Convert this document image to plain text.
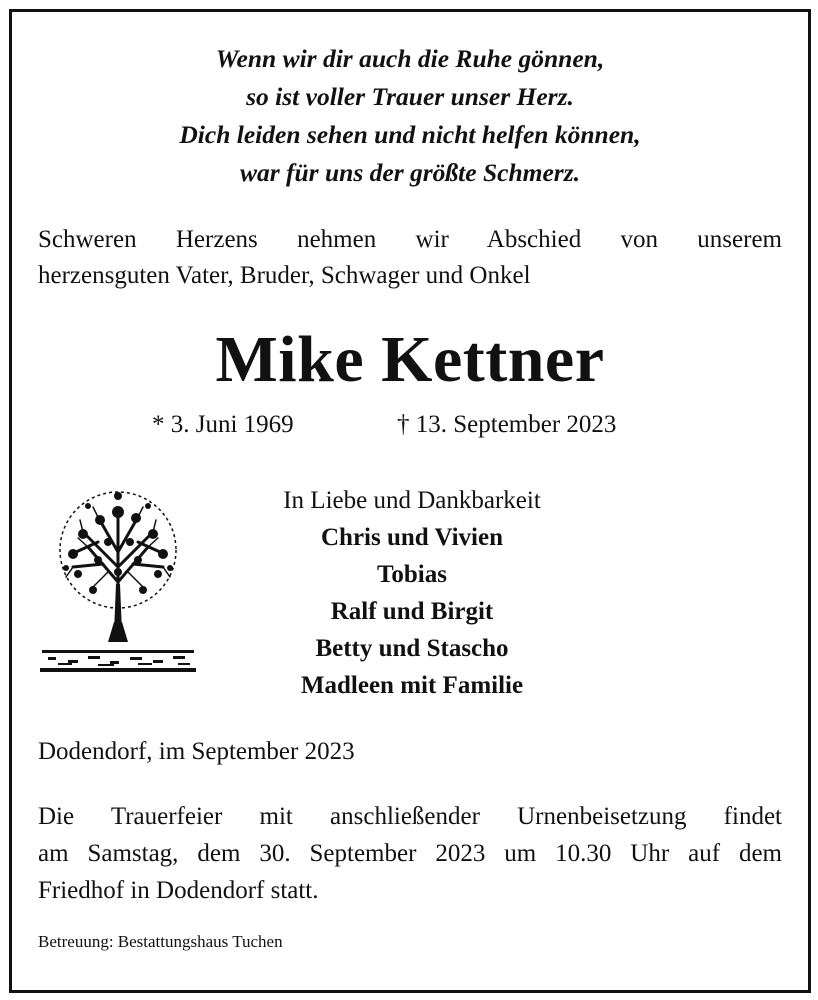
Wenn wir dir auch die Ruhe gönnen,
so ist voller Trauer unser Herz.
Dich leiden sehen und nicht helfen können,
war für uns der größte Schmerz.
Schweren Herzens nehmen wir Abschied von unserem
herzensguten Vater, Bruder, Schwager und Onkel
Mike Kettner
* 3. Juni 1969	† 13. September 2023
In Liebe und Dankbarkeit
Chris und Vivien
Tobias
Ralf und Birgit
Betty und Stascho
Madleen mit Familie
Dodendorf, im September 2023
Die Trauerfeier mit anschließender Urnenbeisetzung findet
am Samstag, dem 30. September 2023 um 10.30 Uhr auf dem
Friedhof in Dodendorf statt.
Betreuung: Bestattungshaus Tuchen
